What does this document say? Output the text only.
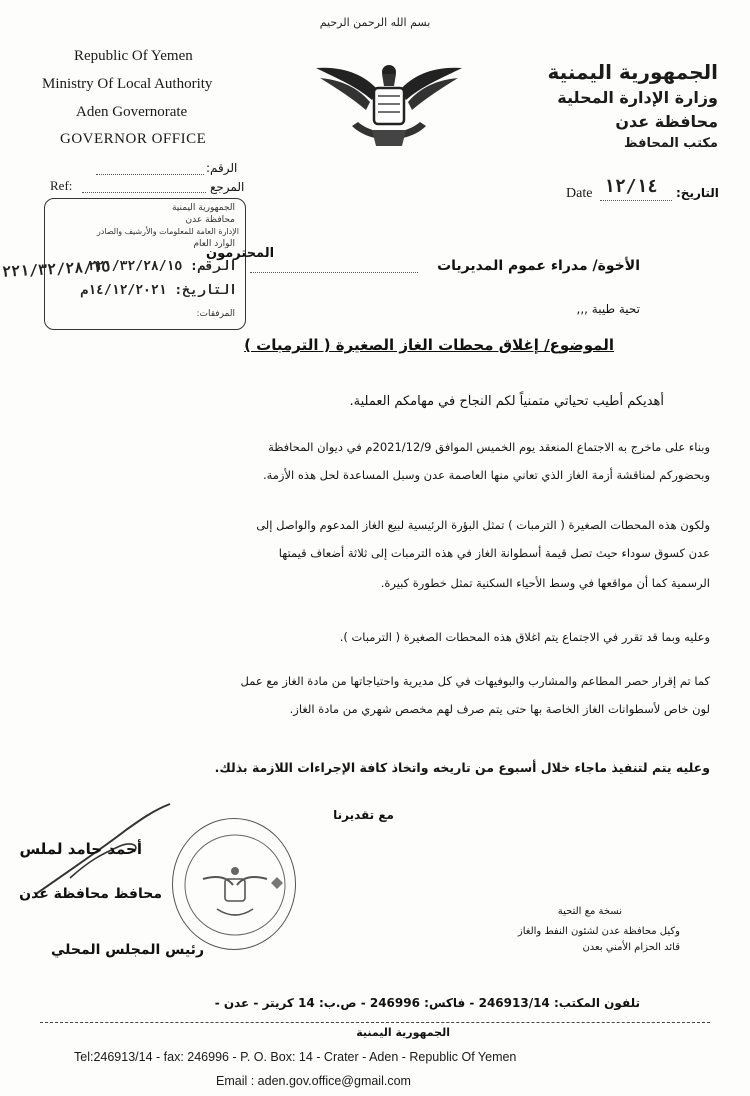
بسم الله الرحمن الرحيم
Republic Of Yemen
Ministry Of Local Authority
Aden Governorate
GOVERNOR OFFICE
الجمهورية اليمنية
وزارة الإدارة المحلية
محافظة عدن
مكتب المحافظ
الرقم:
Ref:	المرجع	Date ١٢/١٤ التاريخ:
الجمهورية اليمنية
محافظة عدن
الإدارة العامة للمعلومات والأرشيف والصادر
الوارد العام
الرقم: ٢٢١/٣٢/٢٨/١٥
التاريخ: ١٤/١٢/٢٠٢١م
المرفقات:
المحترمون
٢٢١/٣٢/٢٨/١٥	الأخوة/ مدراء عموم المديريات
تحية طيبة ,,,
الموضوع/ إغلاق محطات الغاز الصغيرة ( الترمبات )
أهديكم أطيب تحياتي متمنياً لكم النجاح في مهامكم العملية.
وبناء على ماخرج به الاجتماع المنعقد يوم الخميس الموافق 2021/12/9م في ديوان المحافظة
وبحضوركم لمناقشة أزمة الغاز الذي تعاني منها العاصمة عدن وسبل المساعدة لحل هذه الأزمة.
ولكون هذه المحطات الصغيرة ( الترمبات ) تمثل البؤرة الرئيسية لبيع الغاز المدعوم والواصل إلى
عدن كسوق سوداء حيث تصل قيمة أسطوانة الغاز في هذه الترمبات إلى ثلاثة أضعاف قيمتها
الرسمية كما أن مواقعها في وسط الأحياء السكنية تمثل خطورة كبيرة.
وعليه وبما قد تقرر في الاجتماع يتم اغلاق هذه المحطات الصغيرة ( الترمبات ).
كما تم إقرار حصر المطاعم والمشارب والبوفيهات في كل مديرية واحتياجاتها من مادة الغاز مع عمل
لون خاص لأسطوانات الغاز الخاصة بها حتى يتم صرف لهم مخصص شهري من مادة الغاز.
وعليه يتم لتنفيذ ماجاء خلال أسبوع من تاريخه واتخاذ كافة الإجراءات اللازمة بذلك.
مع تقديرنا
أحمد حامد لملس
محافظ محافظة عدن
رئيس المجلس المحلي
نسخة مع التحية
وكيل محافظة عدن لشئون النفط والغاز
قائد الحزام الأمني بعدن
تلفون المكتب: 246913/14 - فاكس: 246996 - ص.ب: 14 كريتر - عدن -
الجمهورية اليمنية
Tel:246913/14 - fax: 246996 - P. O. Box: 14 - Crater - Aden - Republic Of Yemen
Email : aden.gov.office@gmail.com
